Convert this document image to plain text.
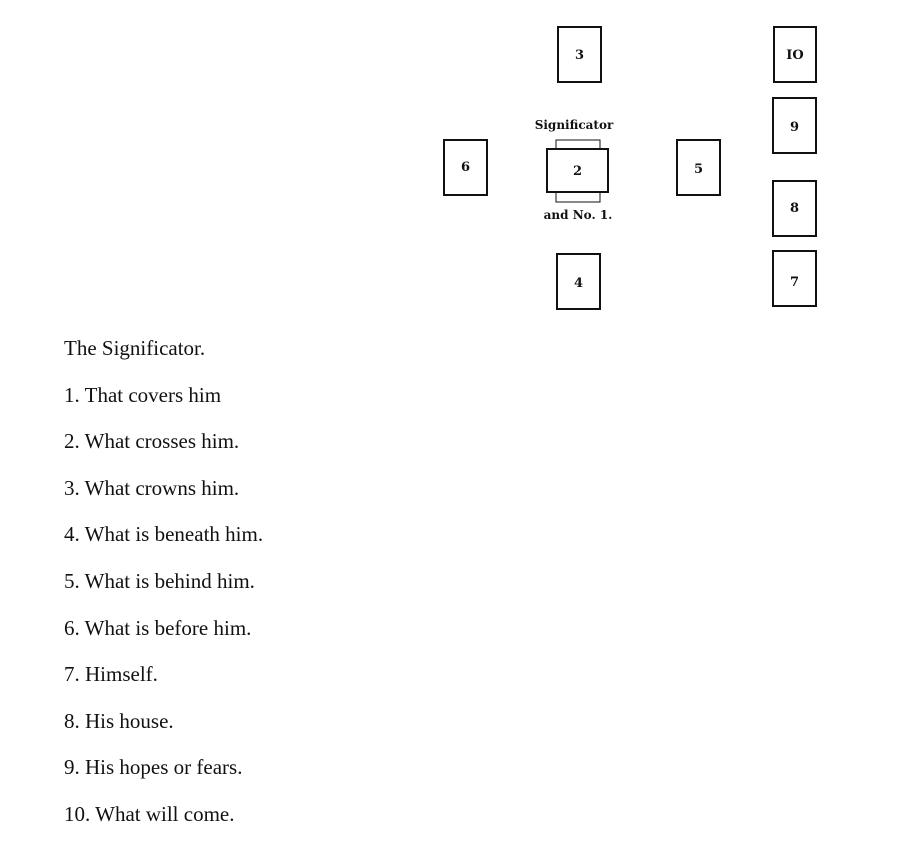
3	IO
9
Significator
6	2
and No. 1.
5
8
4	7
The Significator.
1. That covers him
2. What crosses him.
3. What crowns him.
4. What is beneath him.
5. What is behind him.
6. What is before him.
7. Himself.
8. His house.
9. His hopes or fears.
10. What will come.
